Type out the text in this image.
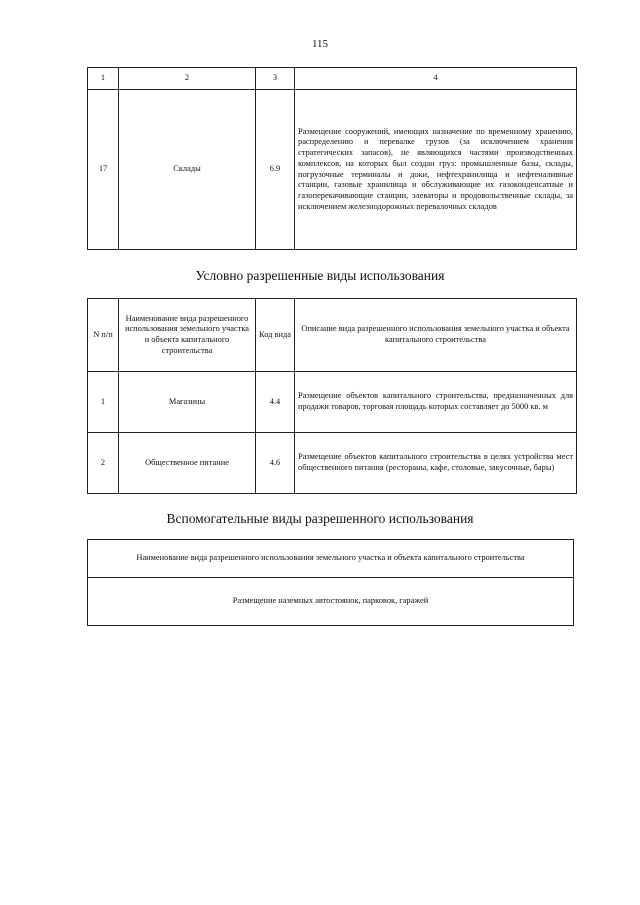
115
1	2	3	4
17	Склады	6.9	Размещение сооружений, имеющих назначение по временному хранению, распределению и перевалке грузов (за исключением хранения стратегических запасов), не являющихся частями производственных комплексов, на которых был создан груз: промышленные базы, склады, погрузочные терминалы и доки, нефтехранилища и нефтеналивные станции, газовые хранилища и обслуживающие их газоконденсатные и газоперекачивающие станции, элеваторы и продовольственные склады, за исключением железнодорожных перевалочных складов
Условно разрешенные виды использования
N п/п	Наименование вида разрешенного использования земельного участка и объекта капитального строительства	Код вида	Описание вида разрешенного использования земельного участка и объекта капитального строительства
1	Магазины	4.4	Размещение объектов капитального строительства, предназначенных для продажи товаров, торговая площадь которых составляет до 5000 кв. м
2	Общественное питание	4.6	Размещение объектов капитального строительства в целях устройства мест общественного питания (рестораны, кафе, столовые, закусочные, бары)
Вспомогательные виды разрешенного использования
Наименование вида разрешенного использования земельного участка и объекта капитального строительства
Размещение наземных автостоянок, парковок, гаражей
